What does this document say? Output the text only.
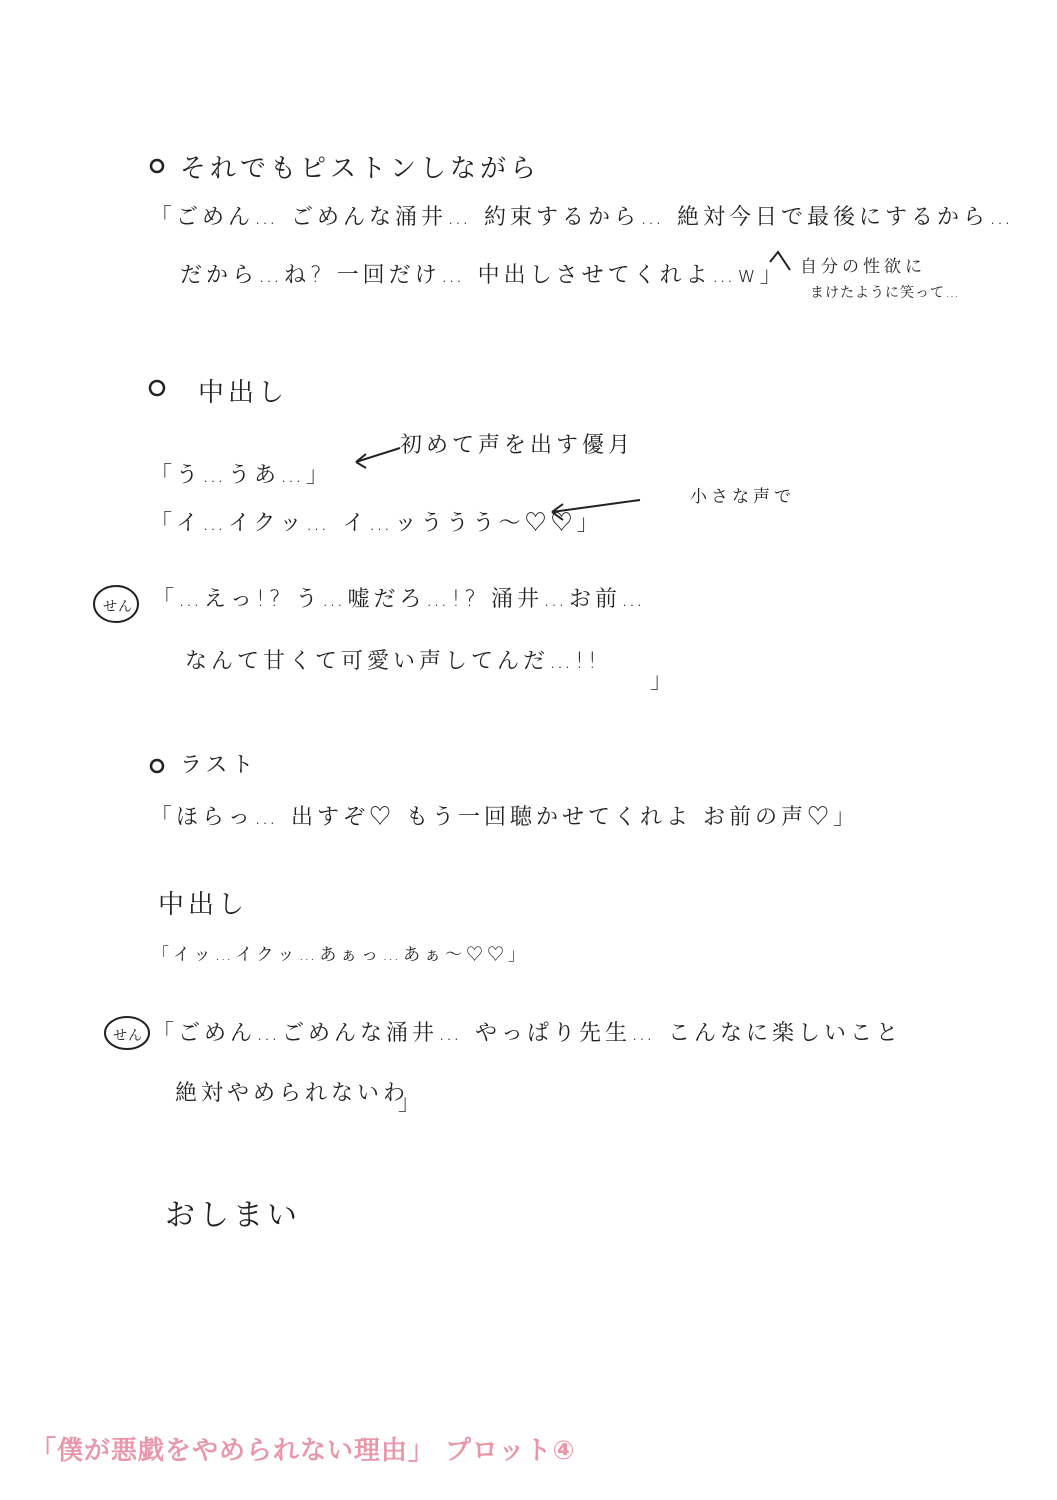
それでもピストンしながら
「ごめん… ごめんな涌井… 約束するから… 絶対今日で最後にするから…
だから…ね? 一回だけ… 中出しさせてくれよ…w」 自分の性欲に
まけたように笑って…
中出し
「う…うあ…」
初めて声を出す優月
「イ…イクッ… イ…ッううう〜♡♡」
小さな声で
せん 「…えっ!? う…嘘だろ…!? 涌井…お前…
なんて甘くて可愛い声してんだ…!!
」
ラスト
「ほらっ… 出すぞ♡ もう一回聴かせてくれよ お前の声♡」
中出し
「イッ…イクッ…あぁっ…あぁ〜♡♡」
せん 「ごめん…ごめんな涌井… やっぱり先生… こんなに楽しいこと
絶対やめられないわ
」
おしまい
「僕が悪戯をやめられない理由」 プロット④
